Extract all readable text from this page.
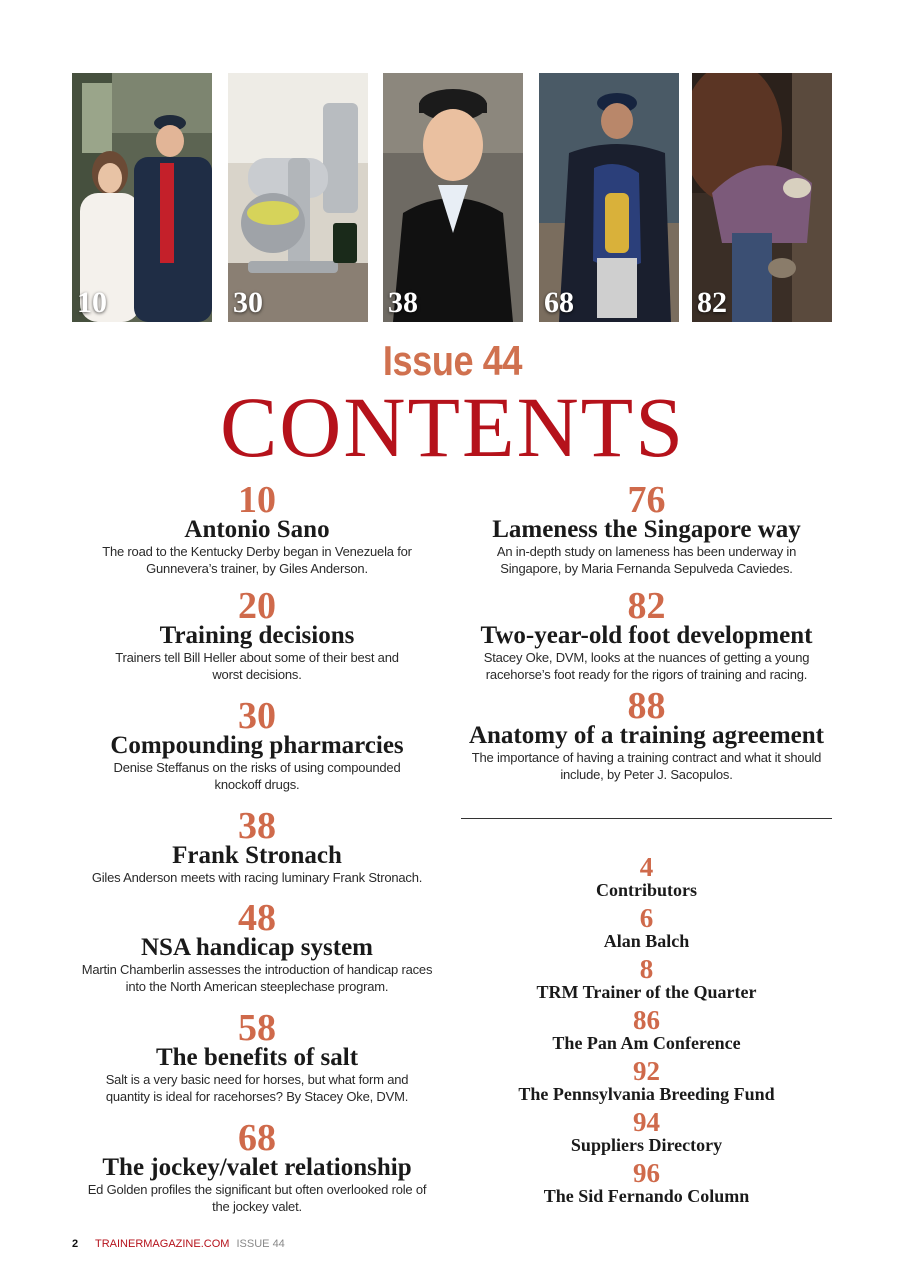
10	30	38	68	82
Issue 44
CONTENTS
10
Antonio Sano
The road to the Kentucky Derby began in Venezuela for Gunnevera’s trainer, by Giles Anderson.
20
Training decisions
Trainers tell Bill Heller about some of their best and worst decisions.
30
Compounding pharmarcies
Denise Steffanus on the risks of using compounded knockoff drugs.
38
Frank Stronach
Giles Anderson meets with racing luminary Frank Stronach.
48
NSA handicap system
Martin Chamberlin assesses the introduction of handicap races into the North American steeplechase program.
58
The benefits of salt
Salt is a very basic need for horses, but what form and quantity is ideal for racehorses? By Stacey Oke, DVM.
68
The jockey/valet relationship
Ed Golden profiles the significant but often overlooked role of the jockey valet.
76
Lameness the Singapore way
An in-depth study on lameness has been underway in Singapore, by Maria Fernanda Sepulveda Caviedes.
82
Two-year-old foot development
Stacey Oke, DVM, looks at the nuances of getting a young racehorse’s foot ready for the rigors of training and racing.
88
Anatomy of a training agreement
The importance of having a training contract and what it should include, by Peter J. Sacopulos.
4
Contributors
6
Alan Balch
8
TRM Trainer of the Quarter
86
The Pan Am Conference
92
The Pennsylvania Breeding Fund
94
Suppliers Directory
96
The Sid Fernando Column
2 TRAINERMAGAZINE.COM ISSUE 44
